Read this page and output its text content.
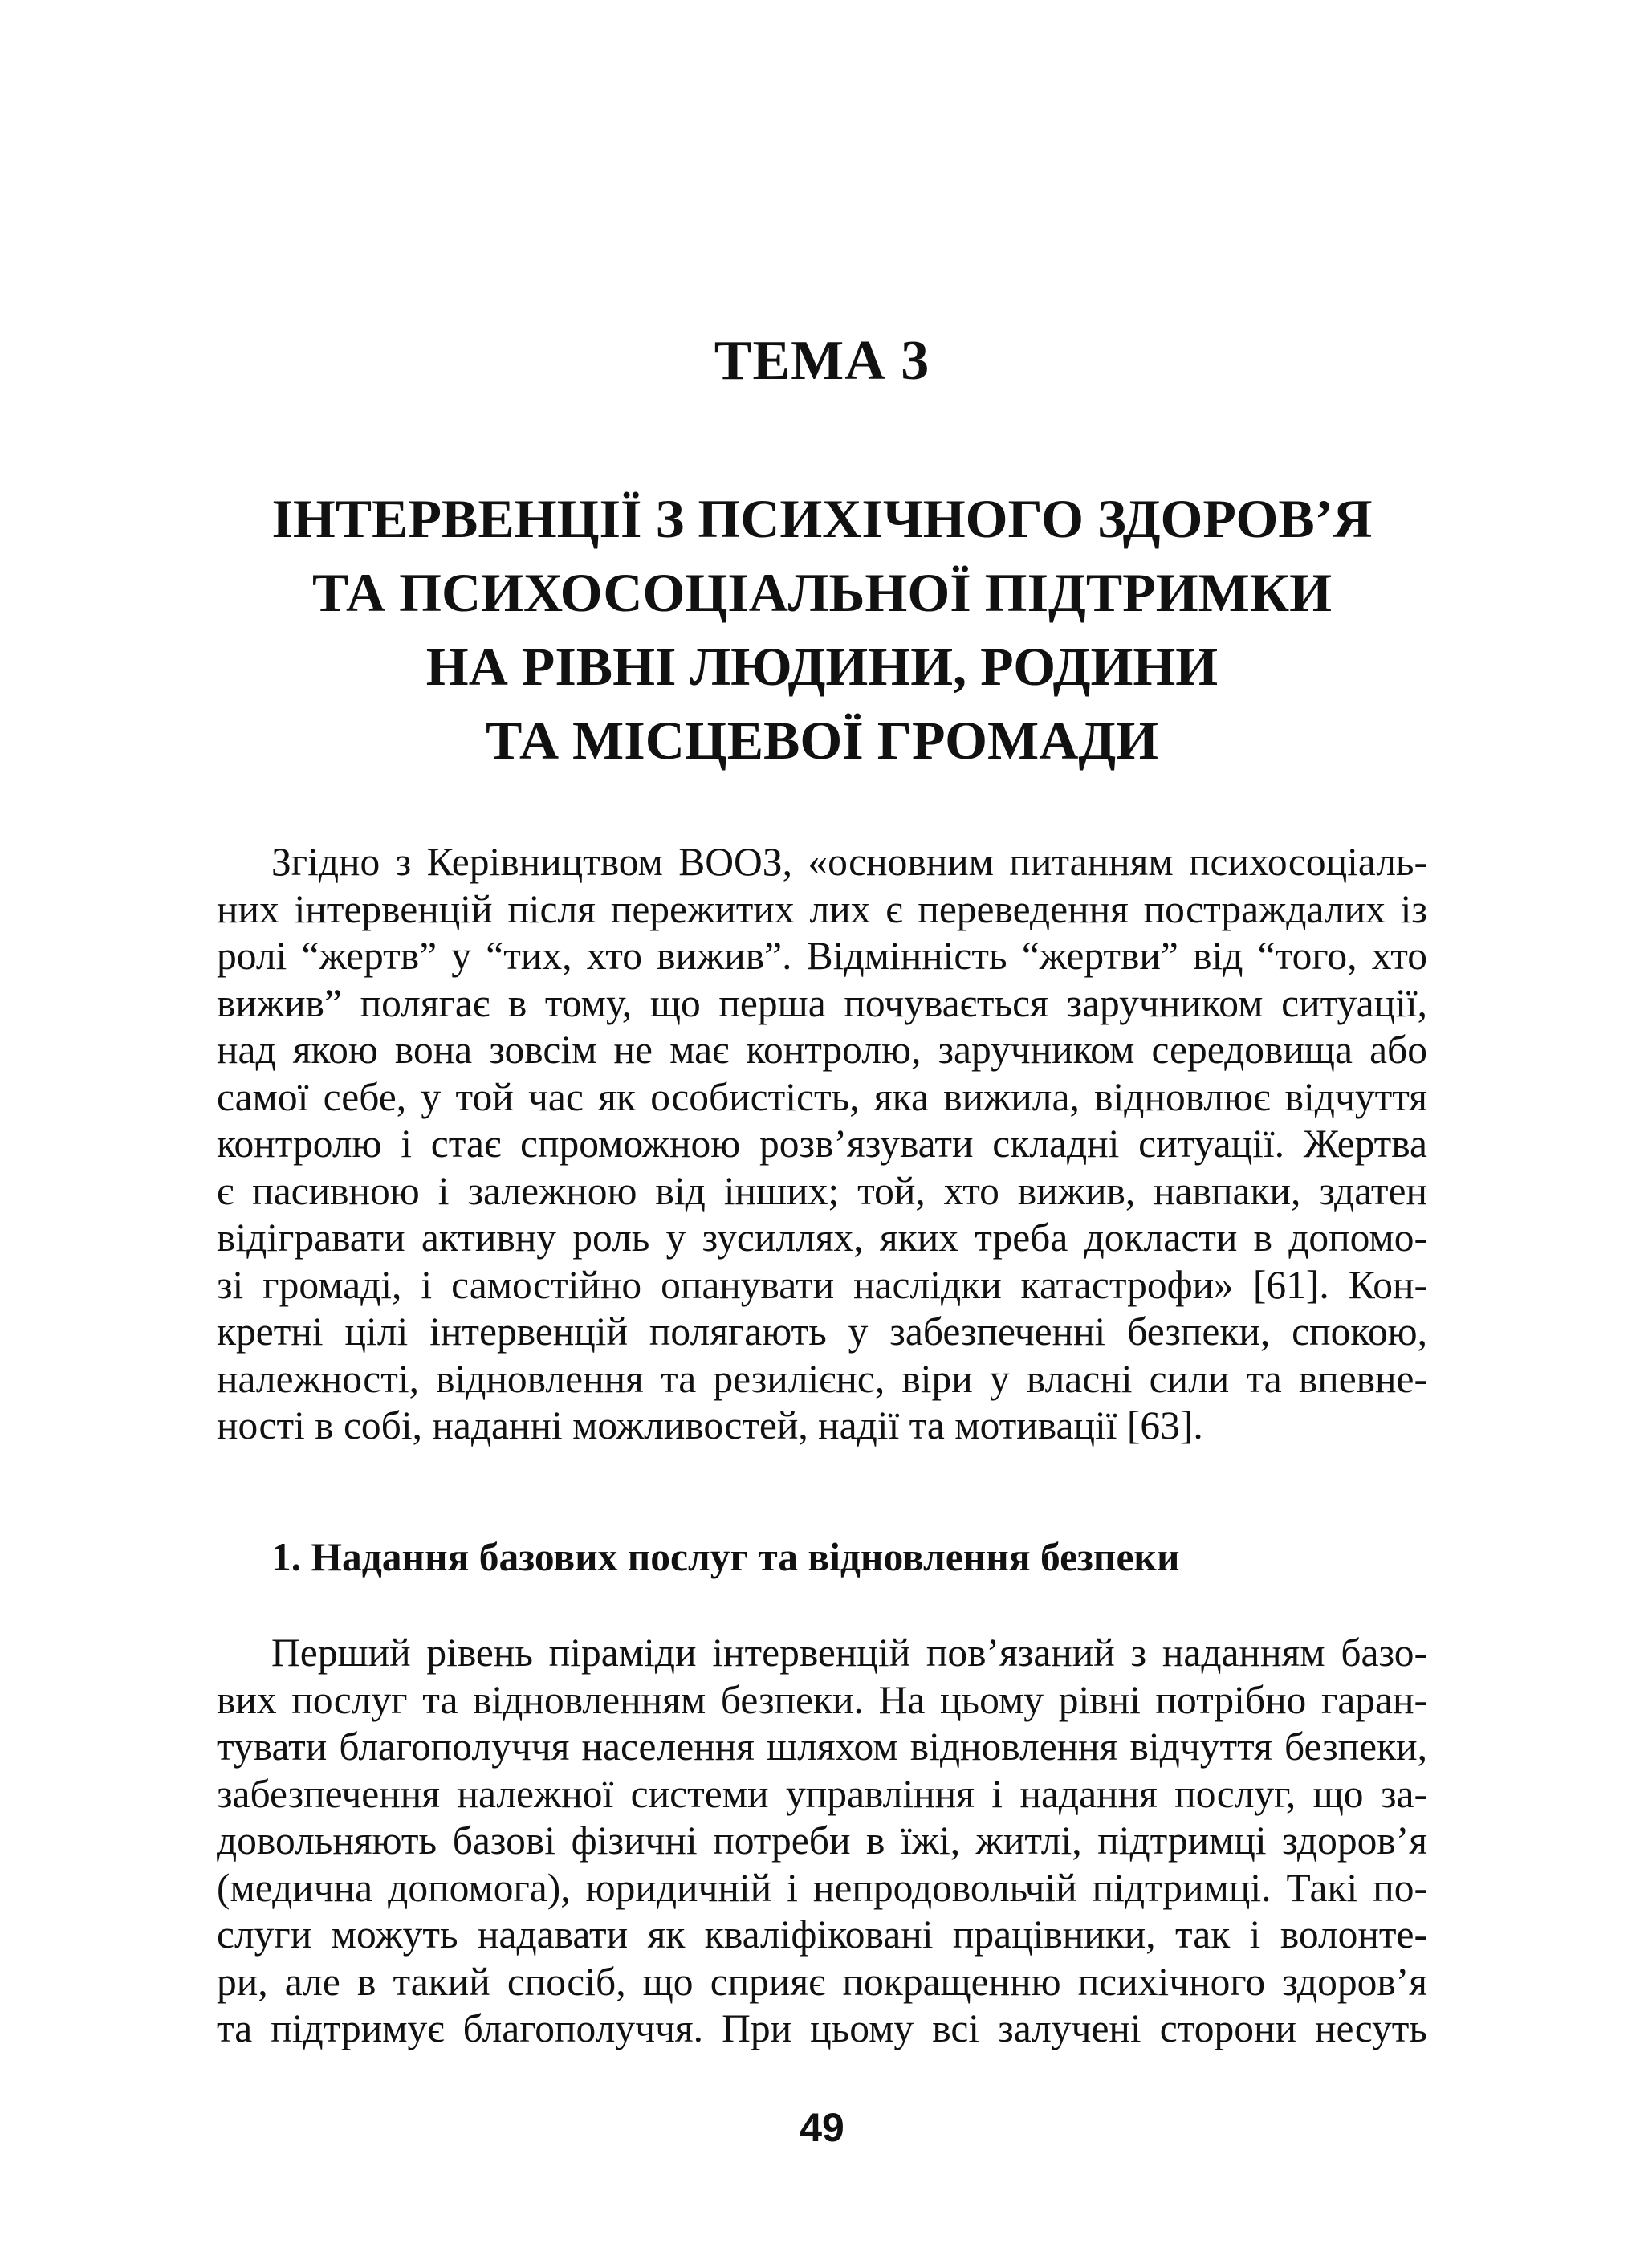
ТЕМА 3
ІНТЕРВЕНЦІЇ З ПСИХІЧНОГО ЗДОРОВ’Я
ТА ПСИХОСОЦІАЛЬНОЇ ПІДТРИМКИ
НА РІВНІ ЛЮДИНИ, РОДИНИ
ТА МІСЦЕВОЇ ГРОМАДИ
Згідно з Керівництвом ВООЗ, «основним питанням психосоціаль-
них інтервенцій після пережитих лих є переведення постраждалих із
ролі “жертв” у “тих, хто вижив”. Відмінність “жертви” від “того, хто
вижив” полягає в тому, що перша почувається заручником ситуації,
над якою вона зовсім не має контролю, заручником середовища або
самої себе, у той час як особистість, яка вижила, відновлює відчуття
контролю і стає спроможною розв’язувати складні ситуації. Жертва
є пасивною і залежною від інших; той, хто вижив, навпаки, здатен
відігравати активну роль у зусиллях, яких треба докласти в допомо-
зі громаді, і самостійно опанувати наслідки катастрофи» [61]. Кон-
кретні цілі інтервенцій полягають у забезпеченні безпеки, спокою,
належності, відновлення та резилієнс, віри у власні сили та впевне-
ності в собі, наданні можливостей, надії та мотивації [63].
1. Надання базових послуг та відновлення безпеки
Перший рівень піраміди інтервенцій пов’язаний з наданням базо-
вих послуг та відновленням безпеки. На цьому рівні потрібно гаран-
тувати благополуччя населення шляхом відновлення відчуття безпеки,
забезпечення належної системи управління і надання послуг, що за-
довольняють базові фізичні потреби в їжі, житлі, підтримці здоров’я
(медична допомога), юридичній і непродовольчій підтримці. Такі по-
слуги можуть надавати як кваліфіковані працівники, так і волонте-
ри, але в такий спосіб, що сприяє покращенню психічного здоров’я
та підтримує благополуччя. При цьому всі залучені сторони несуть
49
